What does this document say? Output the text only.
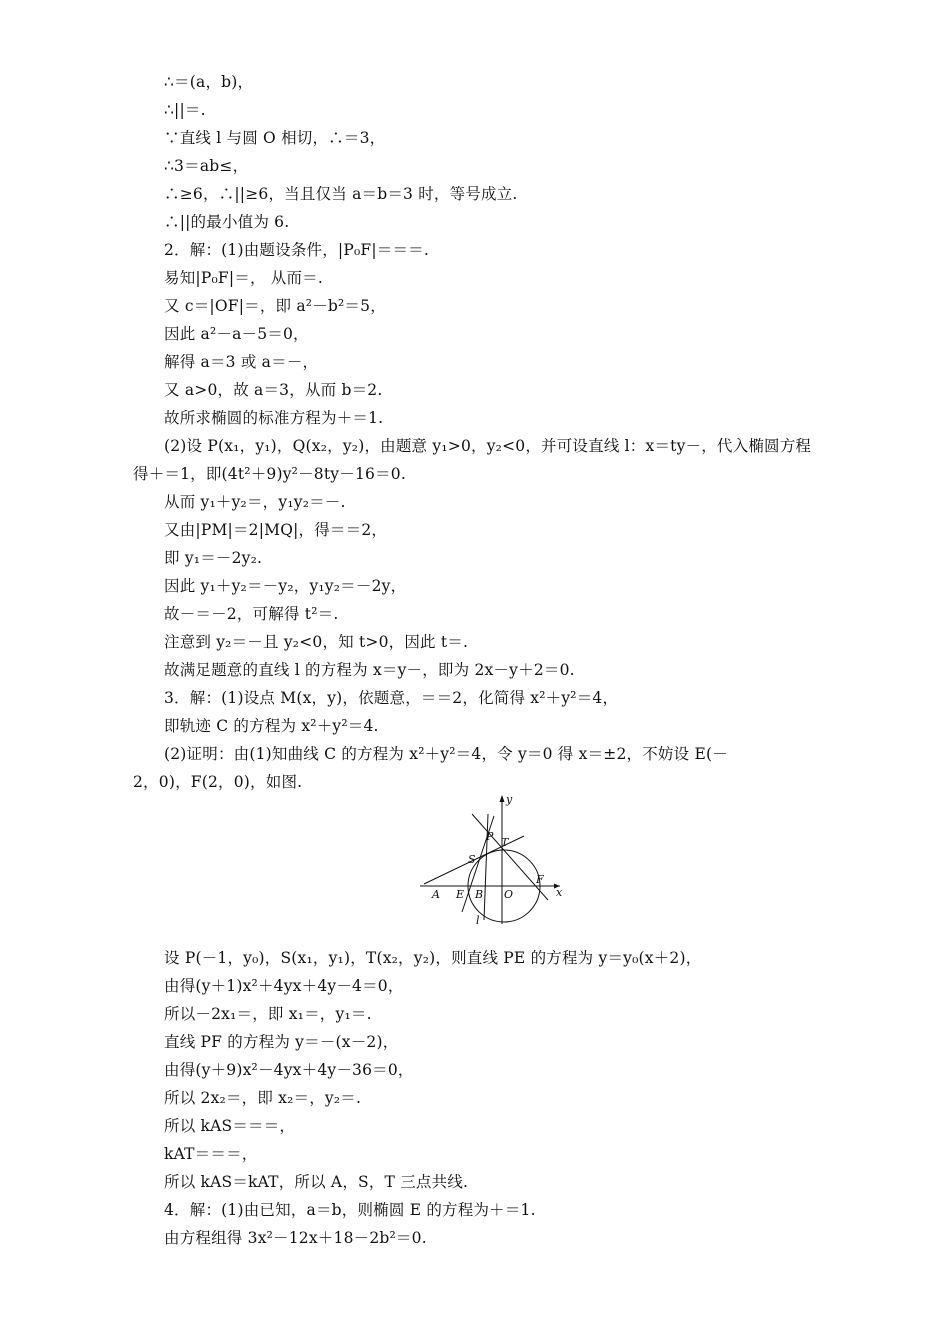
∴＝(a，b)，
∴||＝.
∵直线 l 与圆 O 相切，∴＝3，
∴3＝ab≤，
∴≥6，∴||≥6，当且仅当 a＝b＝3 时，等号成立.
∴||的最小值为 6.
2．解：(1)由题设条件，|P₀F|＝＝＝.
易知|P₀F|＝， 从而＝.
又 c＝|OF|＝，即 a²－b²＝5，
因此 a²－a－5＝0，
解得 a＝3 或 a＝－，
又 a>0，故 a＝3，从而 b＝2.
故所求椭圆的标准方程为＋＝1.
(2)设 P(x₁，y₁)，Q(x₂，y₂)，由题意 y₁>0，y₂<0，并可设直线 l：x＝ty－，代入椭圆方程
得＋＝1，即(4t²＋9)y²－8ty－16＝0.
从而 y₁＋y₂＝，y₁y₂＝－.
又由|PM|＝2|MQ|，得＝＝2，
即 y₁＝－2y₂.
因此 y₁＋y₂＝－y₂，y₁y₂＝－2y，
故－＝－2，可解得 t²＝.
注意到 y₂＝－且 y₂<0，知 t>0，因此 t＝.
故满足题意的直线 l 的方程为 x＝y－，即为 2x－y＋2＝0.
3．解：(1)设点 M(x，y)，依题意，＝＝2，化简得 x²＋y²＝4，
即轨迹 C 的方程为 x²＋y²＝4.
(2)证明：由(1)知曲线 C 的方程为 x²＋y²＝4，令 y＝0 得 x＝±2，不妨设 E(－
2，0)，F(2，0)，如图.
y
x
P T
S
A E B O
F
l
设 P(－1，y₀)，S(x₁，y₁)，T(x₂，y₂)，则直线 PE 的方程为 y＝y₀(x＋2)，
由得(y＋1)x²＋4yx＋4y－4＝0，
所以－2x₁＝，即 x₁＝，y₁＝.
直线 PF 的方程为 y＝－(x－2)，
由得(y＋9)x²－4yx＋4y－36＝0，
所以 2x₂＝，即 x₂＝，y₂＝.
所以 kAS＝＝＝，
kAT＝＝＝，
所以 kAS＝kAT，所以 A，S，T 三点共线.
4．解：(1)由已知，a＝b，则椭圆 E 的方程为＋＝1.
由方程组得 3x²－12x＋18－2b²＝0.
